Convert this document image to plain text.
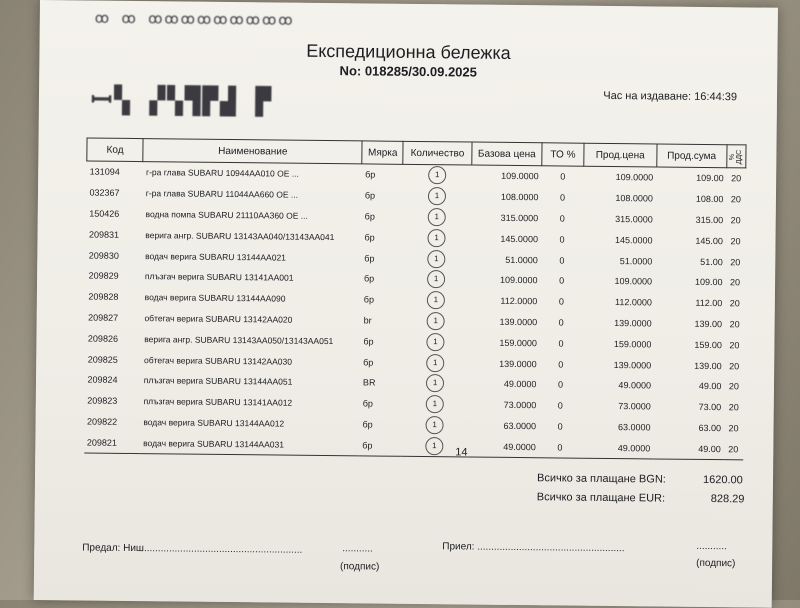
ꝏ ꝏ ꝏꝏꝏꝏꝏꝏꝏꝏꝏ
ꟷ▚ ▞▚▜▛▟ ▛
Експедиционна бележка
No: 018285/30.09.2025
Час на издаване: 16:44:39
Код	Наименование	Мярка	Количество	Базова цена	ТО %	Прод.цена	Прод.сума	% ДДС
131094	г-ра глава SUBARU 10944AA010 OE ...	бр	1	109.0000	0	109.0000	109.00	20
032367	г-ра глава SUBARU 11044AA660 OE ...	бр	1	108.0000	0	108.0000	108.00	20
150426	водна помпа SUBARU 21110AA360 OE ...	бр	1	315.0000	0	315.0000	315.00	20
209831	верига ангр. SUBARU 13143AA040/13143AA041	бр	1	145.0000	0	145.0000	145.00	20
209830	водач верига SUBARU 13144AA021	бр	1	51.0000	0	51.0000	51.00	20
209829	плъзгач верига SUBARU 13141AA001	бр	1	109.0000	0	109.0000	109.00	20
209828	водач верига SUBARU 13144AA090	бр	1	112.0000	0	112.0000	112.00	20
209827	обтегач верига SUBARU 13142AA020	br	1	139.0000	0	139.0000	139.00	20
209826	верига ангр. SUBARU 13143AA050/13143AA051	бр	1	159.0000	0	159.0000	159.00	20
209825	обтегач верига SUBARU 13142AA030	бр	1	139.0000	0	139.0000	139.00	20
209824	плъзгач верига SUBARU 13144AA051	BR	1	49.0000	0	49.0000	49.00	20
209823	плъзгач верига SUBARU 13141AA012	бр	1	73.0000	0	73.0000	73.00	20
209822	водач верига SUBARU 13144AA012	бр	1	63.0000	0	63.0000	63.00	20
209821	водач верига SUBARU 13144AA031	бр	1	49.0000	0	49.0000	49.00	20
14
Всичко за плащане BGN:	1620.00
Всичко за плащане EUR:	828.29
Предал: Ниш.........................................................	...........
(подпис)
Приел: .....................................................	...........
(подпис)
